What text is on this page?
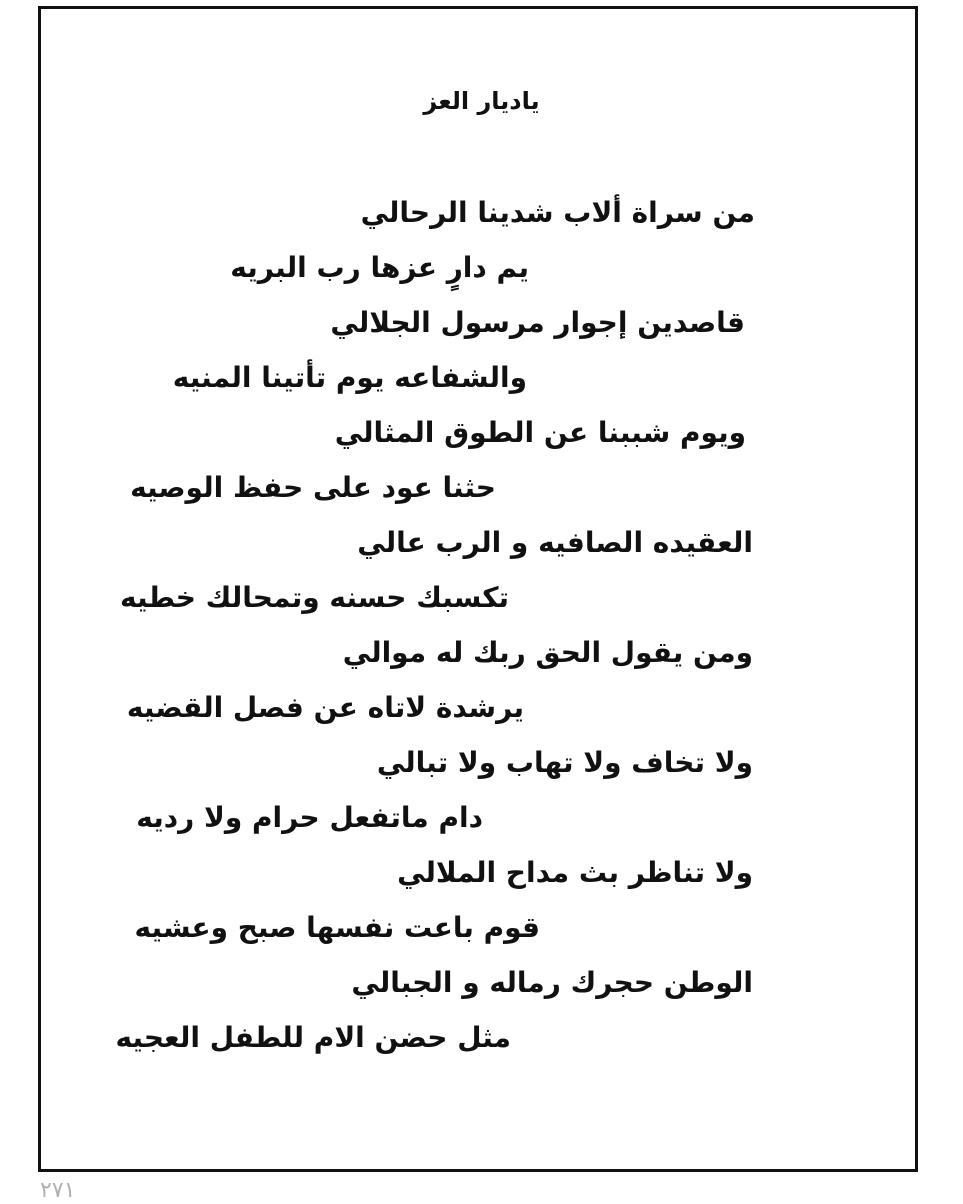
ياديار العز
من سراة ألاب شدينا الرحالي
يم دارٍ عزها رب البريه
قاصدين إجوار مرسول الجلالي
والشفاعه يوم تأتينا المنيه
ويوم شببنا عن الطوق المثالي
حثنا عود على حفظ الوصيه
العقيده الصافيه و الرب عالي
تكسبك حسنه وتمحالك خطيه
ومن يقول الحق ربك له موالي
يرشدة لاتاه عن فصل القضيه
ولا تخاف ولا تهاب ولا تبالي
دام ماتفعل حرام ولا رديه
ولا تناظر بث مداح الملالي
قوم باعت نفسها صبح وعشيه
الوطن حجرك رماله و الجبالي
مثل حضن الام للطفل العجيه
٢٧١
